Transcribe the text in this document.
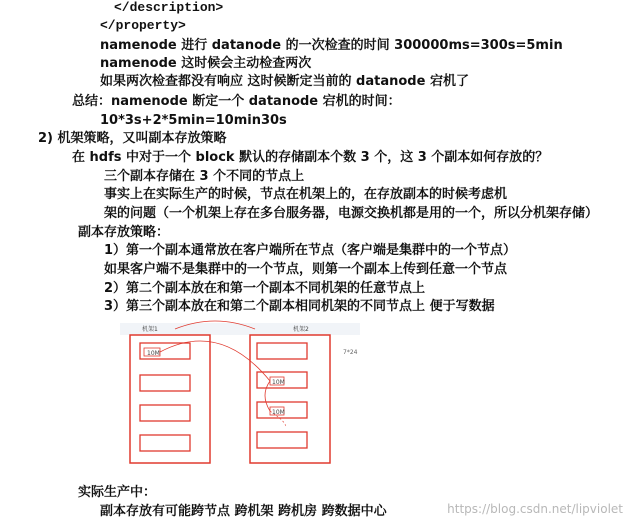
</description>
</property>
namenode 进行 datanode 的一次检查的时间 300000ms=300s=5min
namenode 这时候会主动检查两次
如果两次检查都没有响应 这时候断定当前的 datanode 宕机了
总结：namenode 断定一个 datanode 宕机的时间：
10*3s+2*5min=10min30s
2) 机架策略，又叫副本存放策略
在 hdfs 中对于一个 block 默认的存储副本个数 3 个，这 3 个副本如何存放的？
三个副本存储在 3 个不同的节点上
事实上在实际生产的时候，节点在机架上的，在存放副本的时候考虑机
架的问题（一个机架上存在多台服务器，电源交换机都是用的一个，所以分机架存储）
副本存放策略：
1）第一个副本通常放在客户端所在节点（客户端是集群中的一个节点）
如果客户端不是集群中的一个节点，则第一个副本上传到任意一个节点
2）第二个副本放在和第一个副本不同机架的任意节点上
3）第三个副本放在和第二个副本相同机架的不同节点上 便于写数据
机架1	机架2
10M
10M
10M
7*24
实际生产中：
副本存放有可能跨节点 跨机架 跨机房 跨数据中心	https://blog.csdn.net/lipviolet
